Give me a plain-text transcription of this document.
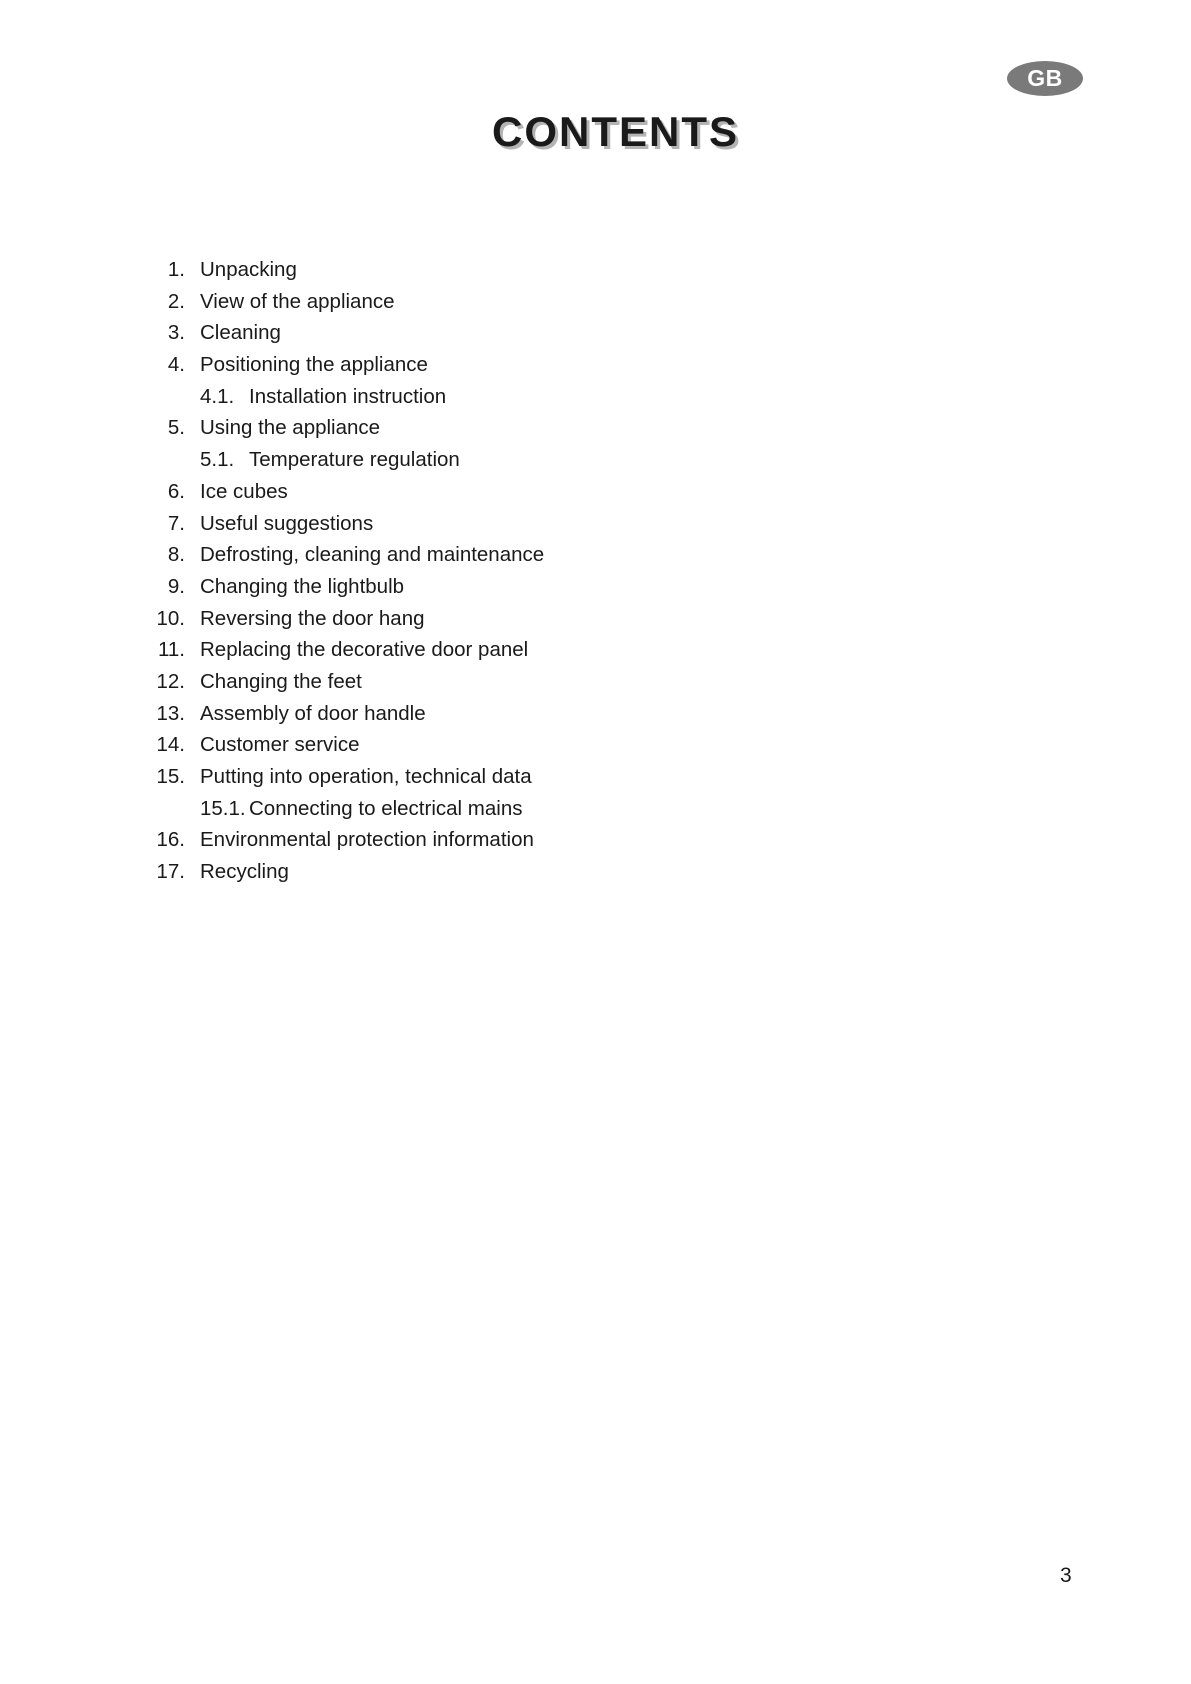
GB
CONTENTS
1. Unpacking
2. View of the appliance
3. Cleaning
4. Positioning the appliance
4.1. Installation instruction
5. Using the appliance
5.1. Temperature regulation
6. Ice cubes
7. Useful suggestions
8. Defrosting, cleaning and maintenance
9. Changing the lightbulb
10. Reversing the door hang
11. Replacing the decorative door panel
12. Changing the feet
13. Assembly of door handle
14. Customer service
15. Putting into operation, technical data
15.1. Connecting to electrical mains
16. Environmental protection information
17. Recycling
3
